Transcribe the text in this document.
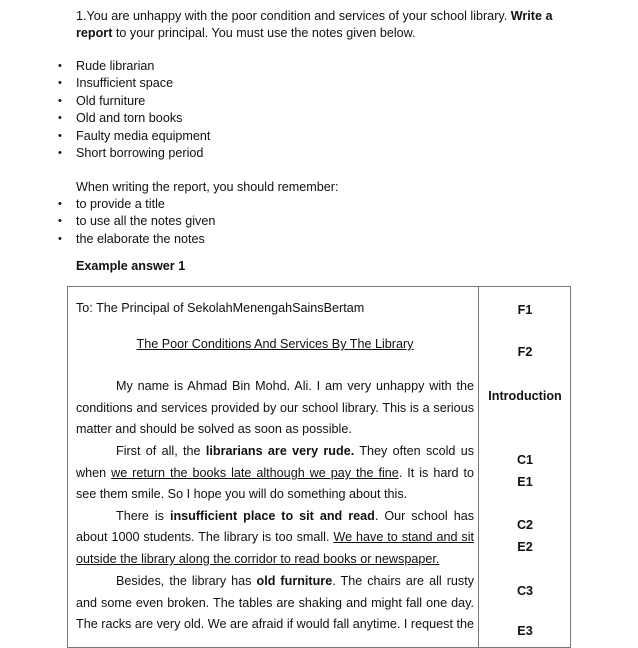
1.You are unhappy with the poor condition and services of your school library. Write a report to your principal. You must use the notes given below.
• Rude librarian
• Insufficient space
• Old furniture
• Old and torn books
• Faulty media equipment
• Short borrowing period
When writing the report, you should remember:
• to provide a title
• to use all the notes given
• the elaborate the notes
Example answer 1
To: The Principal of SekolahMenengahSainsBertam
The Poor Conditions And Services By The Library
My name is Ahmad Bin Mohd. Ali. I am very unhappy with the
conditions and services provided by our school library. This is a serious
matter and should be solved as soon as possible.
First of all, the librarians are very rude. They often scold us
when we return the books late although we pay the fine. It is hard to
see them smile. So I hope you will do something about this.
There is insufficient place to sit and read. Our school has
about 1000 students. The library is too small. We have to stand and sit
outside the library along the corridor to read books or newspaper.
Besides, the library has old furniture. The chairs are all rusty
and some even broken. The tables are shaking and might fall one day.
The racks are very old. We are afraid if would fall anytime. I request the
F1
F2
Introduction
C1
E1
C2
E2
C3
E3
